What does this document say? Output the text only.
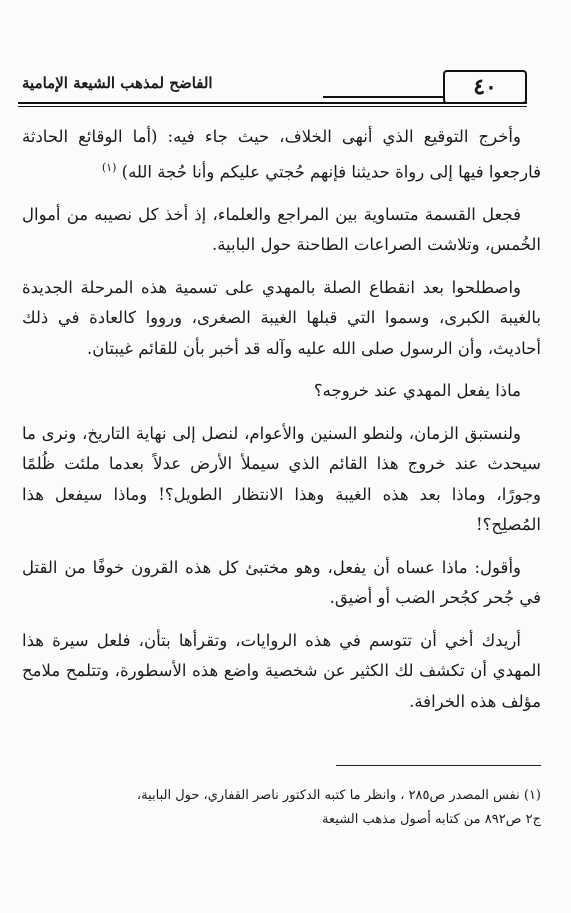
٤٠
الفاضح لمذهب الشيعة الإمامية

وأخرج التوقيع الذي أنهى الخلاف، حيث جاء فيه: (أما الوقائع الحادثة فارجعوا فيها إلى رواة حديثنا فإنهم حُجتي عليكم وأنا حُجة الله) $^{(١)}$

فجعل القسمة متساوية بين المراجع والعلماء، إذ أخذ كل نصيبه من أموال الخُمس، وتلاشت الصراعات الطاحنة حول البابية.

واصطلحوا بعد انقطاع الصلة بالمهدي على تسمية هذه المرحلة الجديدة بالغيبة الكبرى، وسموا التي قبلها الغيبة الصغرى، ورووا كالعادة في ذلك أحاديث، وأن الرسول صلى الله عليه وآله قد أخبر بأن للقائم غيبتان.

ماذا يفعل المهدي عند خروجه؟

ولنستبق الزمان، ولنطو السنين والأعوام، لنصل إلى نهاية التاريخ، ونرى ما سيحدث عند خروج هذا القائم الذي سيملأ الأرض عدلاً بعدما ملئت ظُلمًا وجورًا، وماذا بعد هذه الغيبة وهذا الانتظار الطويل؟! وماذا سيفعل هذا المُصلِح؟!

وأقول: ماذا عساه أن يفعل، وهو مختبئ كل هذه القرون خوفًا من القتل في جُحر كجُحر الضب أو أضيق.

أريدك أخي أن تتوسم في هذه الروايات، وتقرأها بتأن، فلعل سيرة هذا المهدي أن تكشف لك الكثير عن شخصية واضع هذه الأسطورة، وتتلمح ملامح مؤلف هذه الخرافة.

(١) نفس المصدر ص٢٨٥ ، وانظر ما كتبه الدكتور ناصر القفاري، حول البابية،

ج٢ ص٨٩٢ من كتابه أصول مذهب الشيعة
